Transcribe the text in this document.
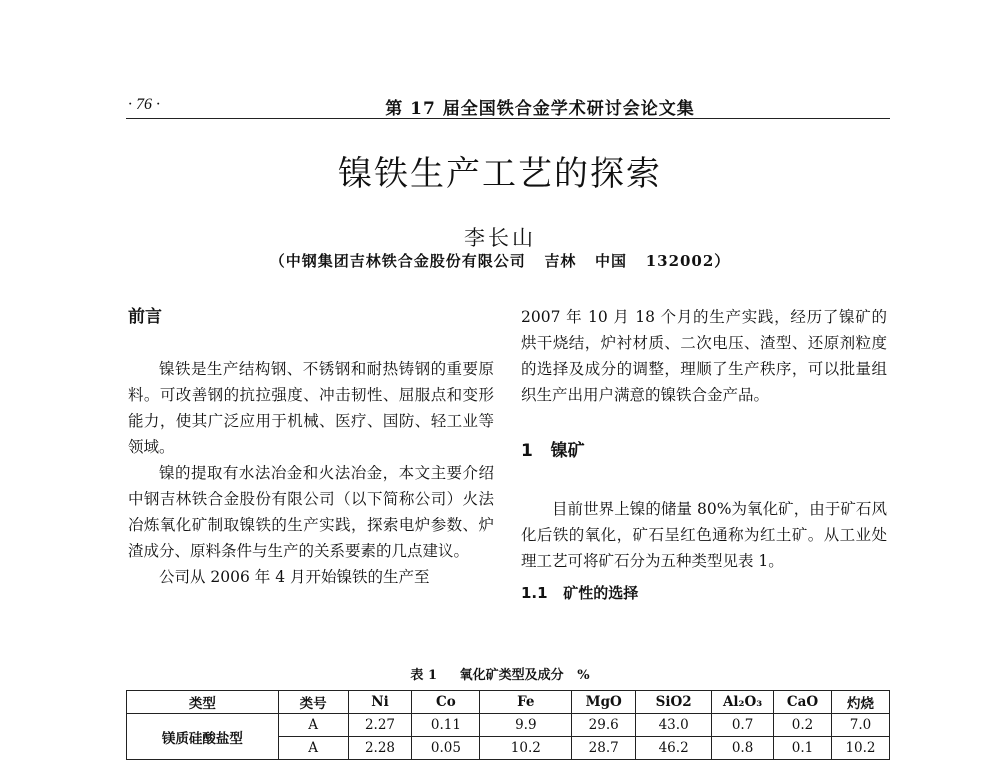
· 76 ·	第 17 届全国铁合金学术研讨会论文集
镍铁生产工艺的探索
李长山
（中钢集团吉林铁合金股份有限公司   吉林   中国   132002）
前言

镍铁是生产结构钢、不锈钢和耐热铸钢的重要原料。可改善钢的抗拉强度、冲击韧性、屈服点和变形能力，使其广泛应用于机械、医疗、国防、轻工业等领域。

镍的提取有水法冶金和火法冶金，本文主要介绍中钢吉林铁合金股份有限公司（以下简称公司）火法冶炼氧化矿制取镍铁的生产实践，探索电炉参数、炉渣成分、原料条件与生产的关系要素的几点建议。

公司从 2006 年 4 月开始镍铁的生产至

2007 年 10 月 18 个月的生产实践，经历了镍矿的烘干烧结，炉衬材质、二次电压、渣型、还原剂粒度的选择及成分的调整，理顺了生产秩序，可以批量组织生产出用户满意的镍铁合金产品。

1   镍矿

目前世界上镍的储量 80%为氧化矿，由于矿石风化后铁的氧化，矿石呈红色通称为红土矿。从工业处理工艺可将矿石分为五种类型见表 1。

1.1   矿性的选择
表 1     氧化矿类型及成分   %
类型	类号	Ni	Co	Fe	MgO	SiO2	Al₂O₃	CaO	灼烧
镁质硅酸盐型	A	2.27	0.11	9.9	29.6	43.0	0.7	0.2	7.0
	A	2.28	0.05	10.2	28.7	46.2	0.8	0.1	10.2
